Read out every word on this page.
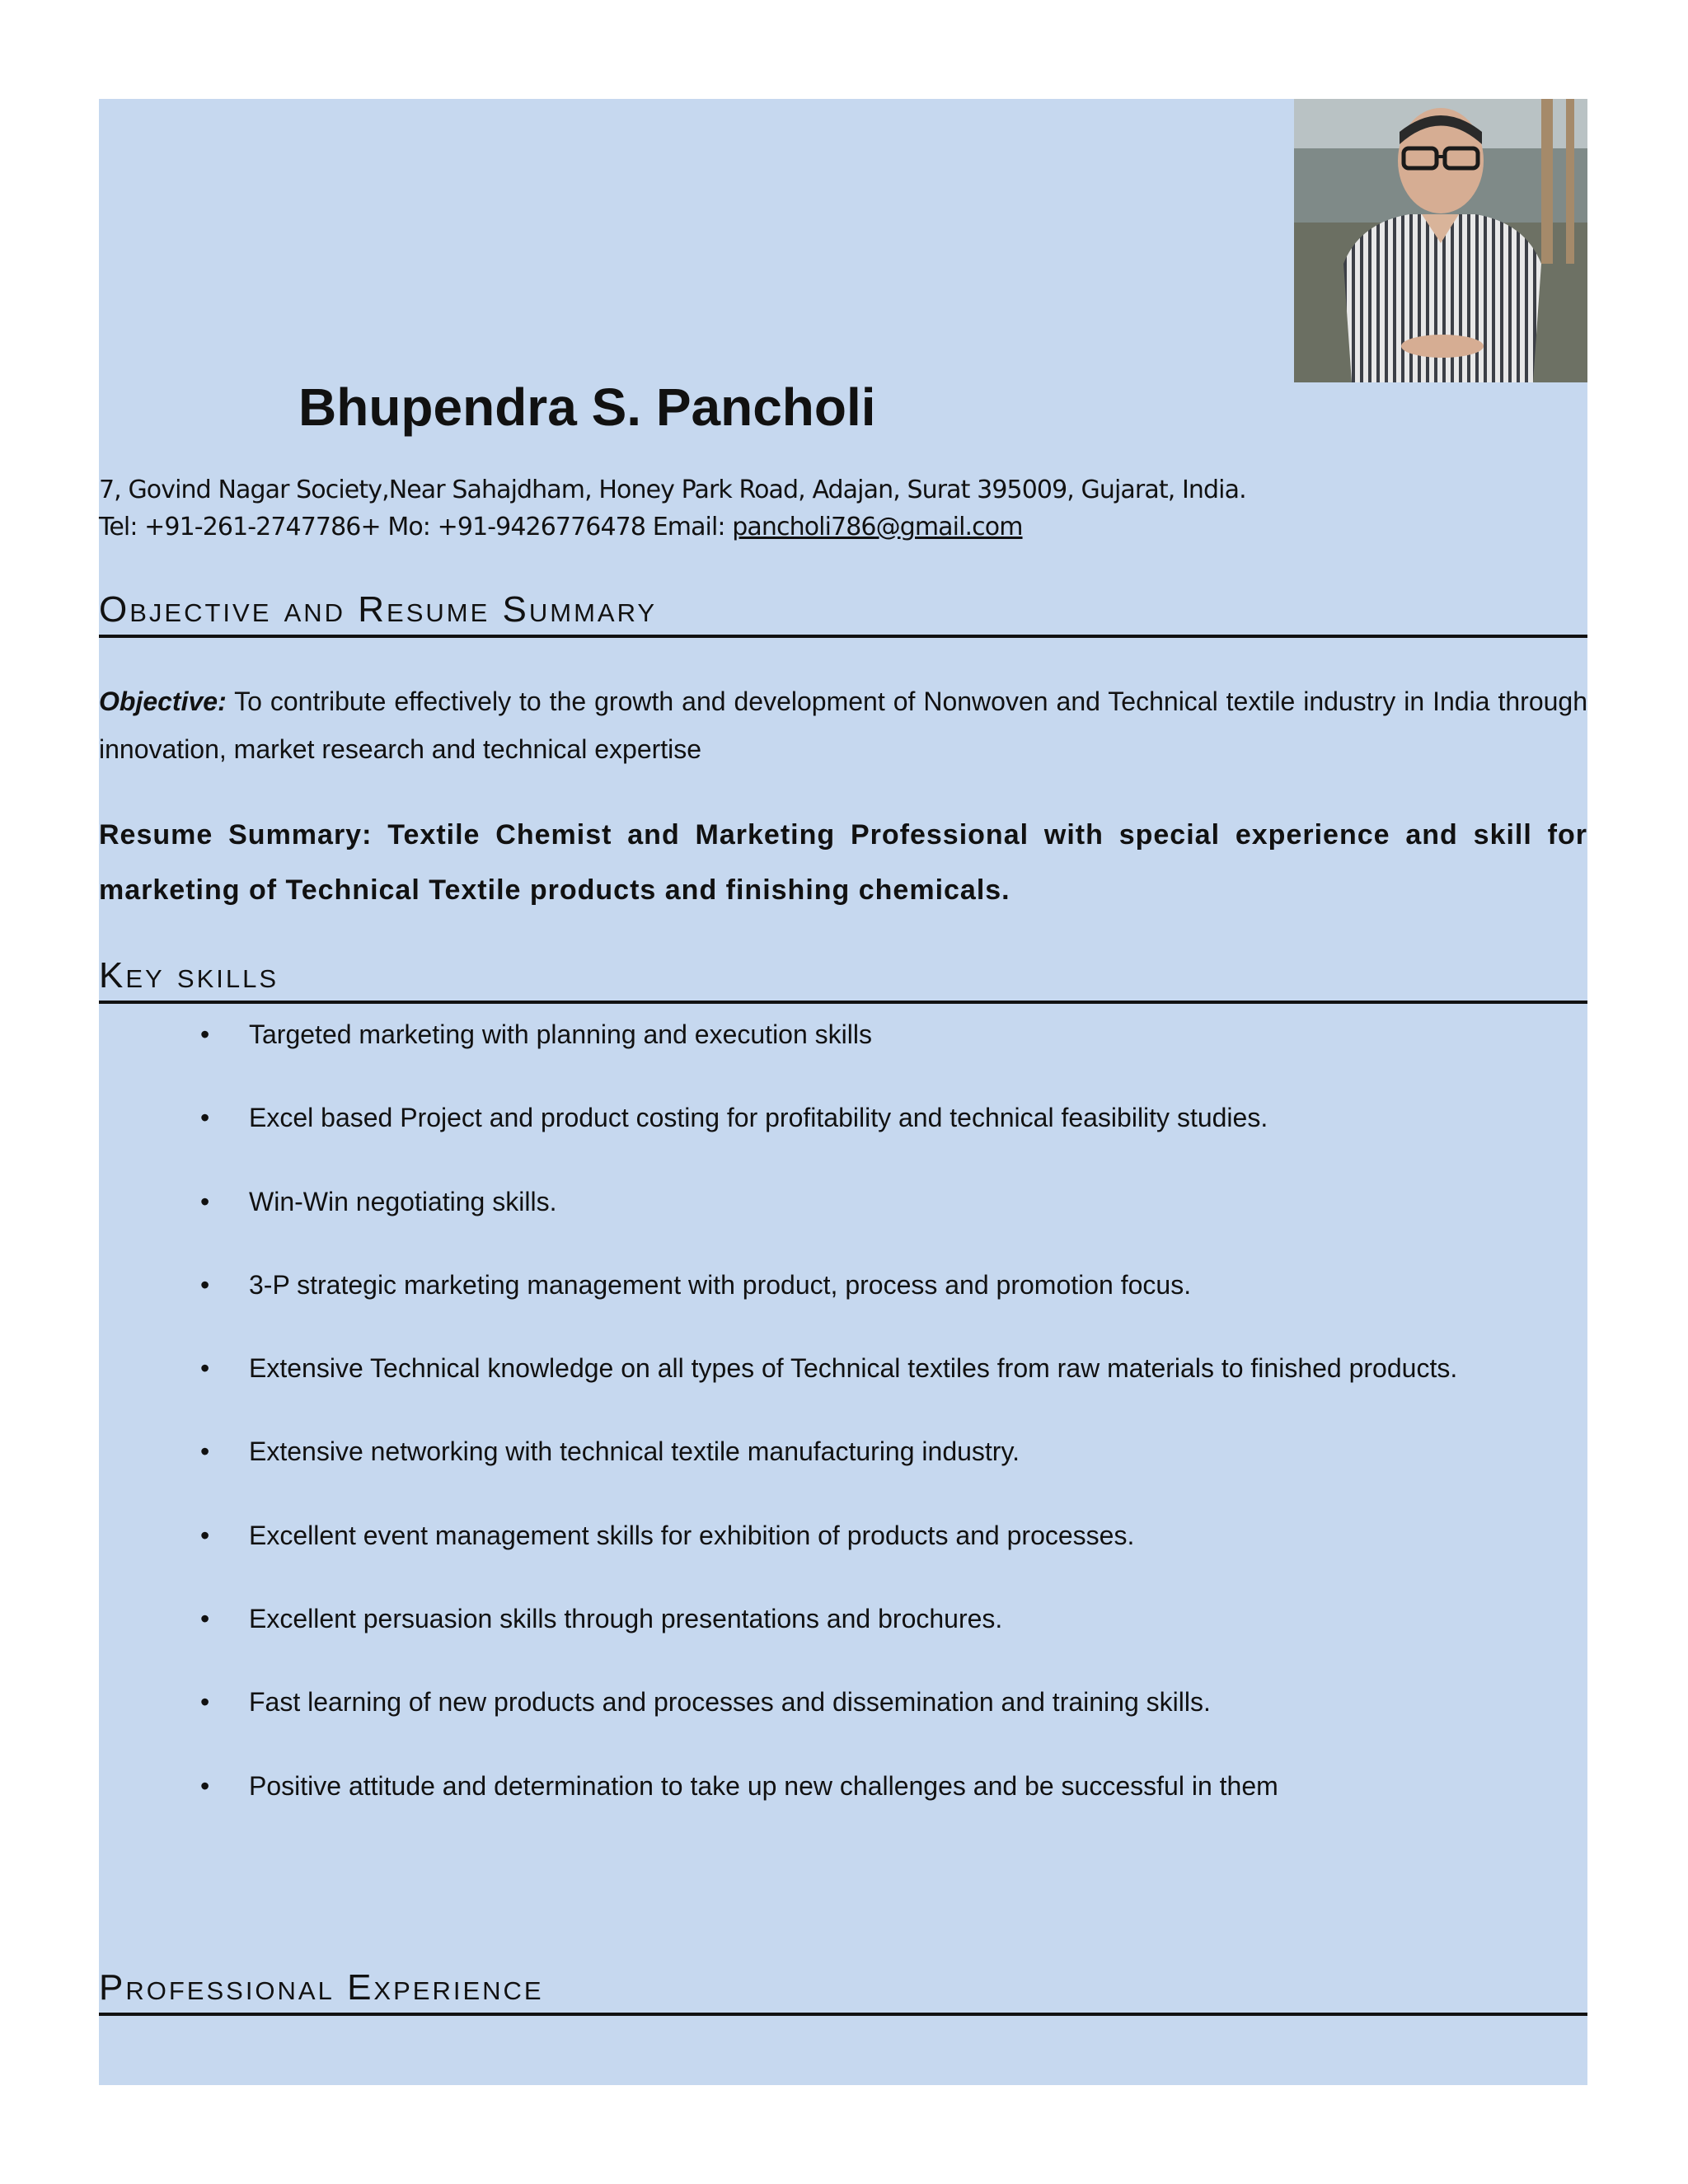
Bhupendra S. Pancholi
7, Govind Nagar Society,Near Sahajdham, Honey Park Road, Adajan, Surat 395009, Gujarat, India.
Tel: +91-261-2747786+ Mo: +91-9426776478 Email: pancholi786@gmail.com
Objective and Resume Summary

Objective: To contribute effectively to the growth and development of Nonwoven and Technical textile industry in India through innovation, market research and technical expertise

Resume Summary: Textile Chemist and Marketing Professional with special experience and skill for marketing of Technical Textile products and finishing chemicals.

Key skills
• Targeted marketing with planning and execution skills
• Excel based Project and product costing for profitability and technical feasibility studies.
• Win-Win negotiating skills.
• 3-P strategic marketing management with product, process and promotion focus.
• Extensive Technical knowledge on all types of Technical textiles from raw materials to finished products.
• Extensive networking with technical textile manufacturing industry.
• Excellent event management skills for exhibition of products and processes.
• Excellent persuasion skills through presentations and brochures.
• Fast learning of new products and processes and dissemination and training skills.
• Positive attitude and determination to take up new challenges and be successful in them
Professional Experience
